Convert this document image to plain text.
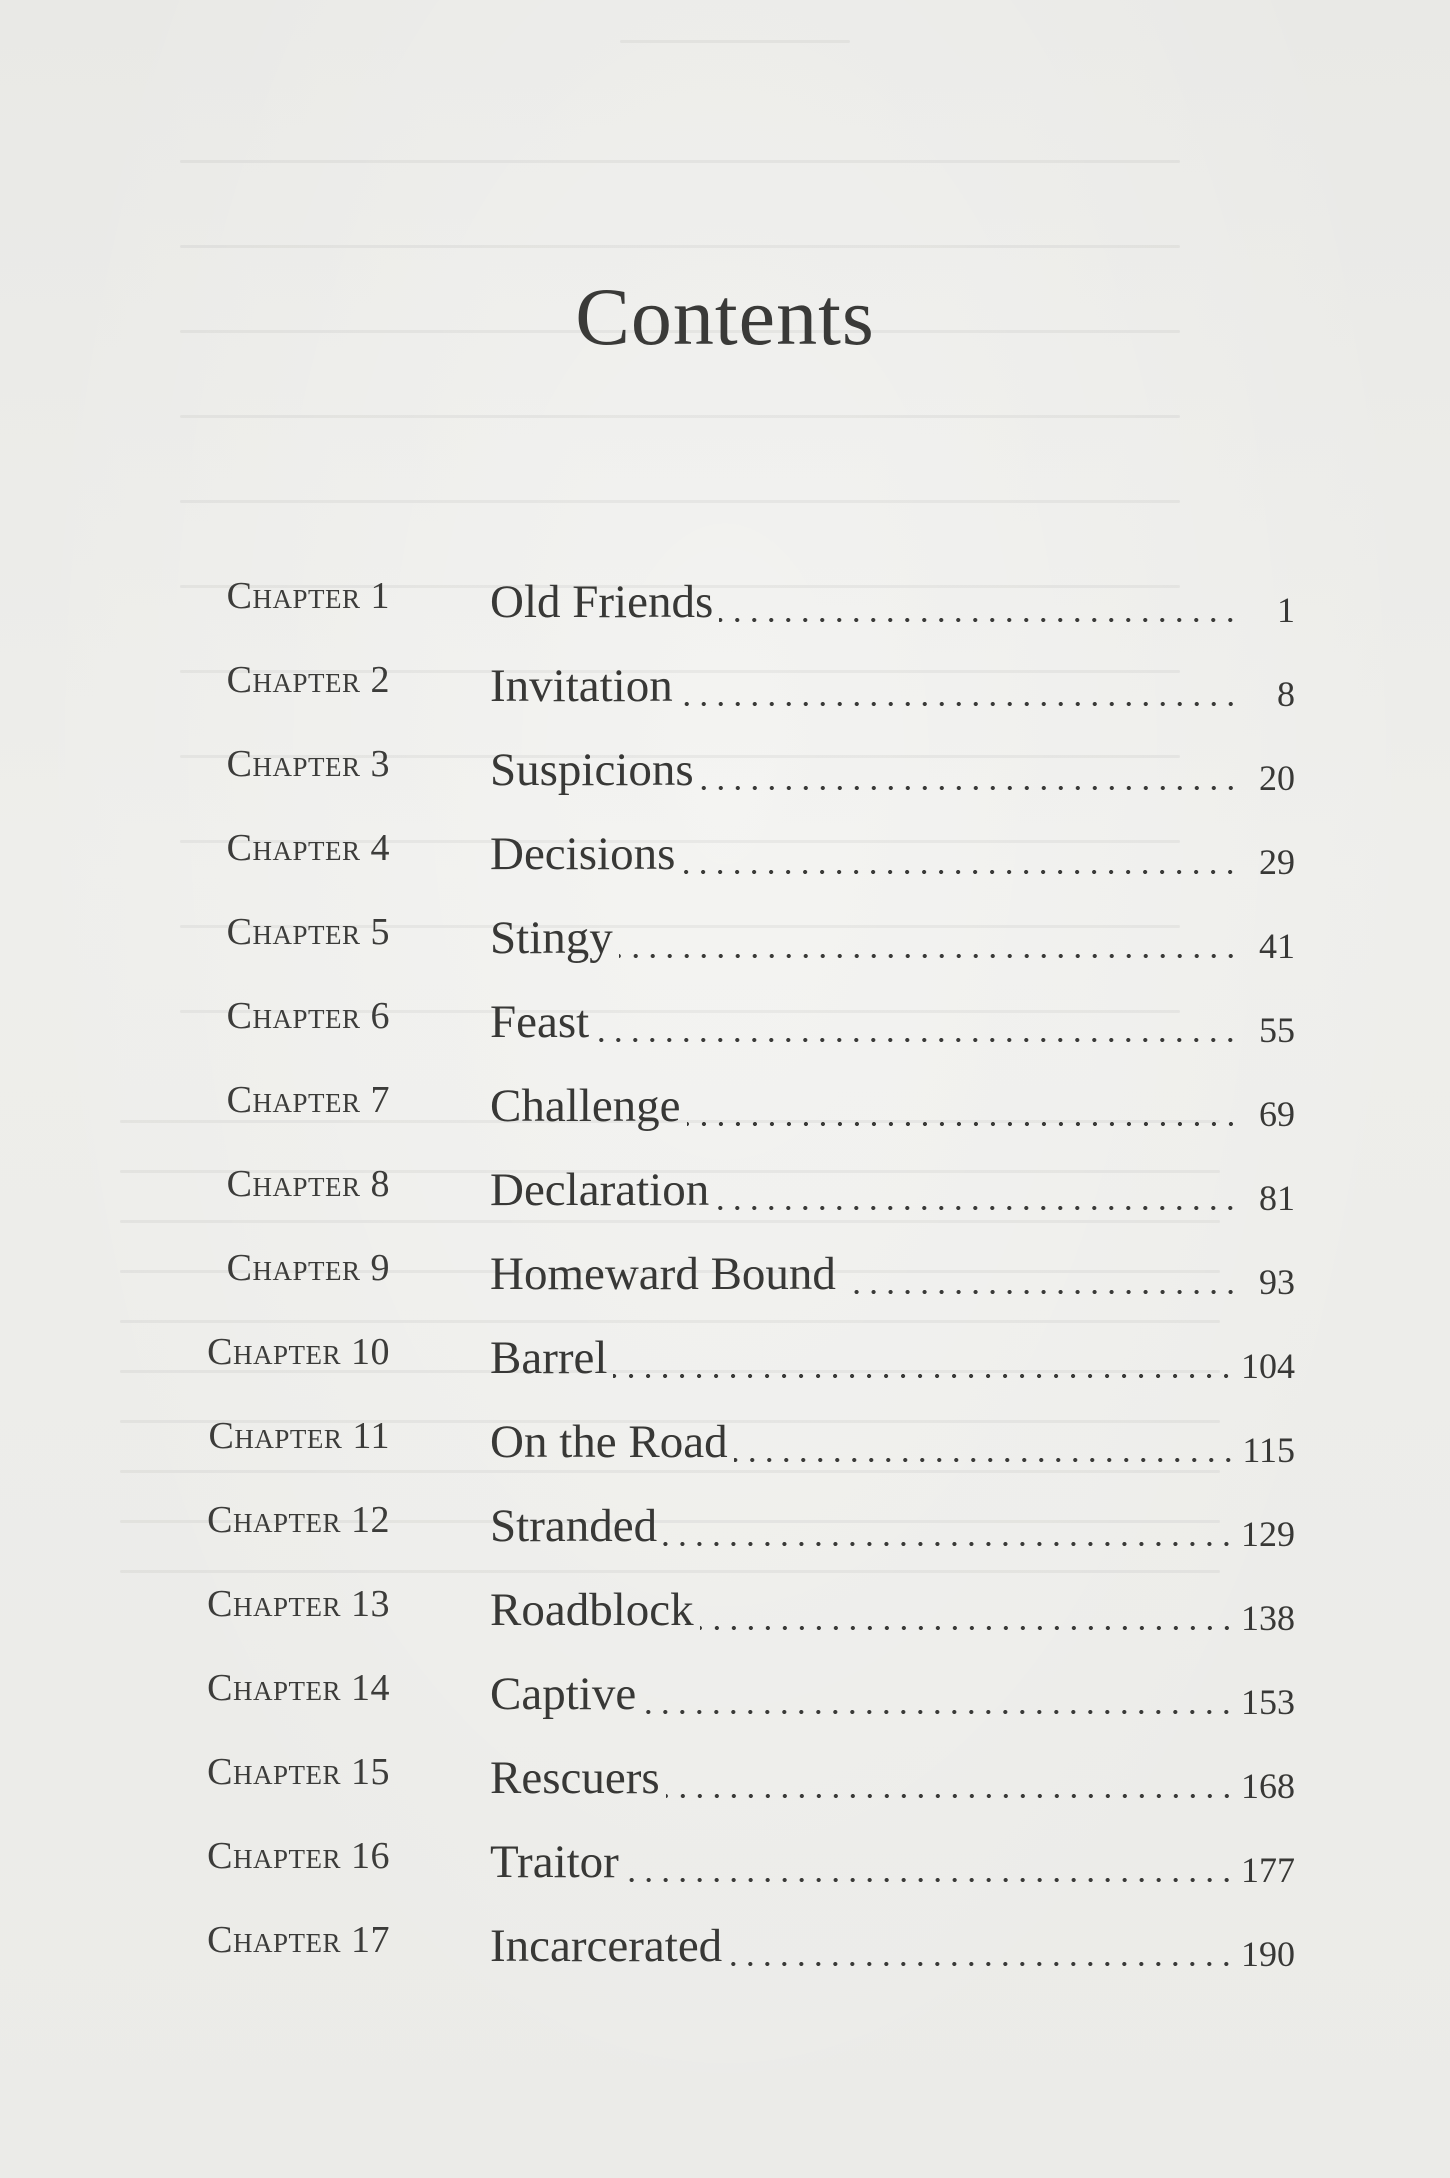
Contents
Chapter 1 Old Friends	1
Chapter 2 Invitation	8
Chapter 3 Suspicions	20
Chapter 4 Decisions	29
Chapter 5 Stingy	41
Chapter 6 Feast	55
Chapter 7 Challenge	69
Chapter 8 Declaration	81
Chapter 9 Homeward Bound	93
Chapter 10 Barrel	104
Chapter 11 On the Road	115
Chapter 12 Stranded	129
Chapter 13 Roadblock	138
Chapter 14 Captive	153
Chapter 15 Rescuers	168
Chapter 16 Traitor	177
Chapter 17 Incarcerated	190
